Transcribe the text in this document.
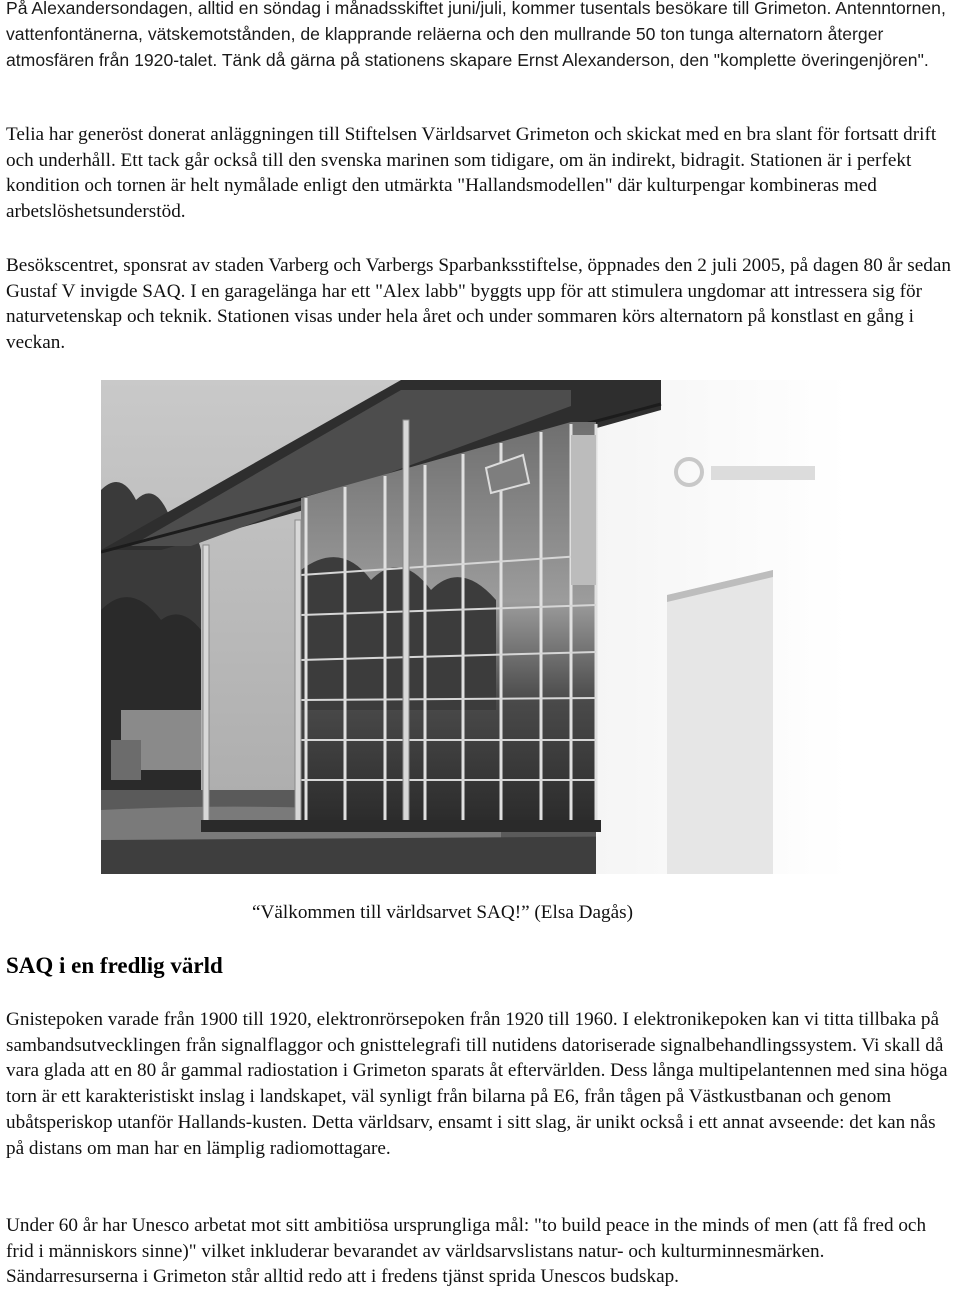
På Alexandersondagen, alltid en söndag i månadsskiftet juni/juli, kommer tusentals besökare till Grimeton. Antenntornen, vattenfontänerna, vätskemotstånden, de klapprande reläerna och den mullrande 50 ton tunga alternatorn återger atmosfären från 1920-talet. Tänk då gärna på stationens skapare Ernst Alexanderson, den "komplette överingenjören".

Telia har generöst donerat anläggningen till Stiftelsen Världsarvet Grimeton och skickat med en bra slant för fortsatt drift och underhåll. Ett tack går också till den svenska marinen som tidigare, om än indirekt, bidragit. Stationen är i perfekt kondition och tornen är helt nymålade enligt den utmärkta "Hallandsmodellen" där kulturpengar kombineras med arbetslöshetsunderstöd.

Besökscentret, sponsrat av staden Varberg och Varbergs Sparbanksstiftelse, öppnades den 2 juli 2005, på dagen 80 år sedan Gustaf V invigde SAQ. I en garagelänga har ett "Alex labb" byggts upp för att stimulera ungdomar att intressera sig för naturvetenskap och teknik. Stationen visas under hela året och under sommaren körs alternatorn på konstlast en gång i veckan.

“Välkommen till världsarvet SAQ!” (Elsa Dagås)

SAQ i en fredlig värld

Gnistepoken varade från 1900 till 1920, elektronrörsepoken från 1920 till 1960. I elektronikepoken kan vi titta tillbaka på sambandsutvecklingen från signalflaggor och gnisttelegrafi till nutidens datoriserade signalbehandlingssystem. Vi skall då vara glada att en 80 år gammal radiostation i Grimeton sparats åt eftervärlden. Dess långa multipelantennen med sina höga torn är ett karakteristiskt inslag i landskapet, väl synligt från bilarna på E6, från tågen på Västkustbanan och genom ubåtsperiskop utanför Hallands-kusten. Detta världsarv, ensamt i sitt slag, är unikt också i ett annat avseende: det kan nås på distans om man har en lämplig radiomottagare.

Under 60 år har Unesco arbetat mot sitt ambitiösa ursprungliga mål: "to build peace in the minds of men (att få fred och frid i människors sinne)" vilket inkluderar bevarandet av världsarvslistans natur- och kulturminnesmärken. Sändarresurserna i Grimeton står alltid redo att i fredens tjänst sprida Unescos budskap.
